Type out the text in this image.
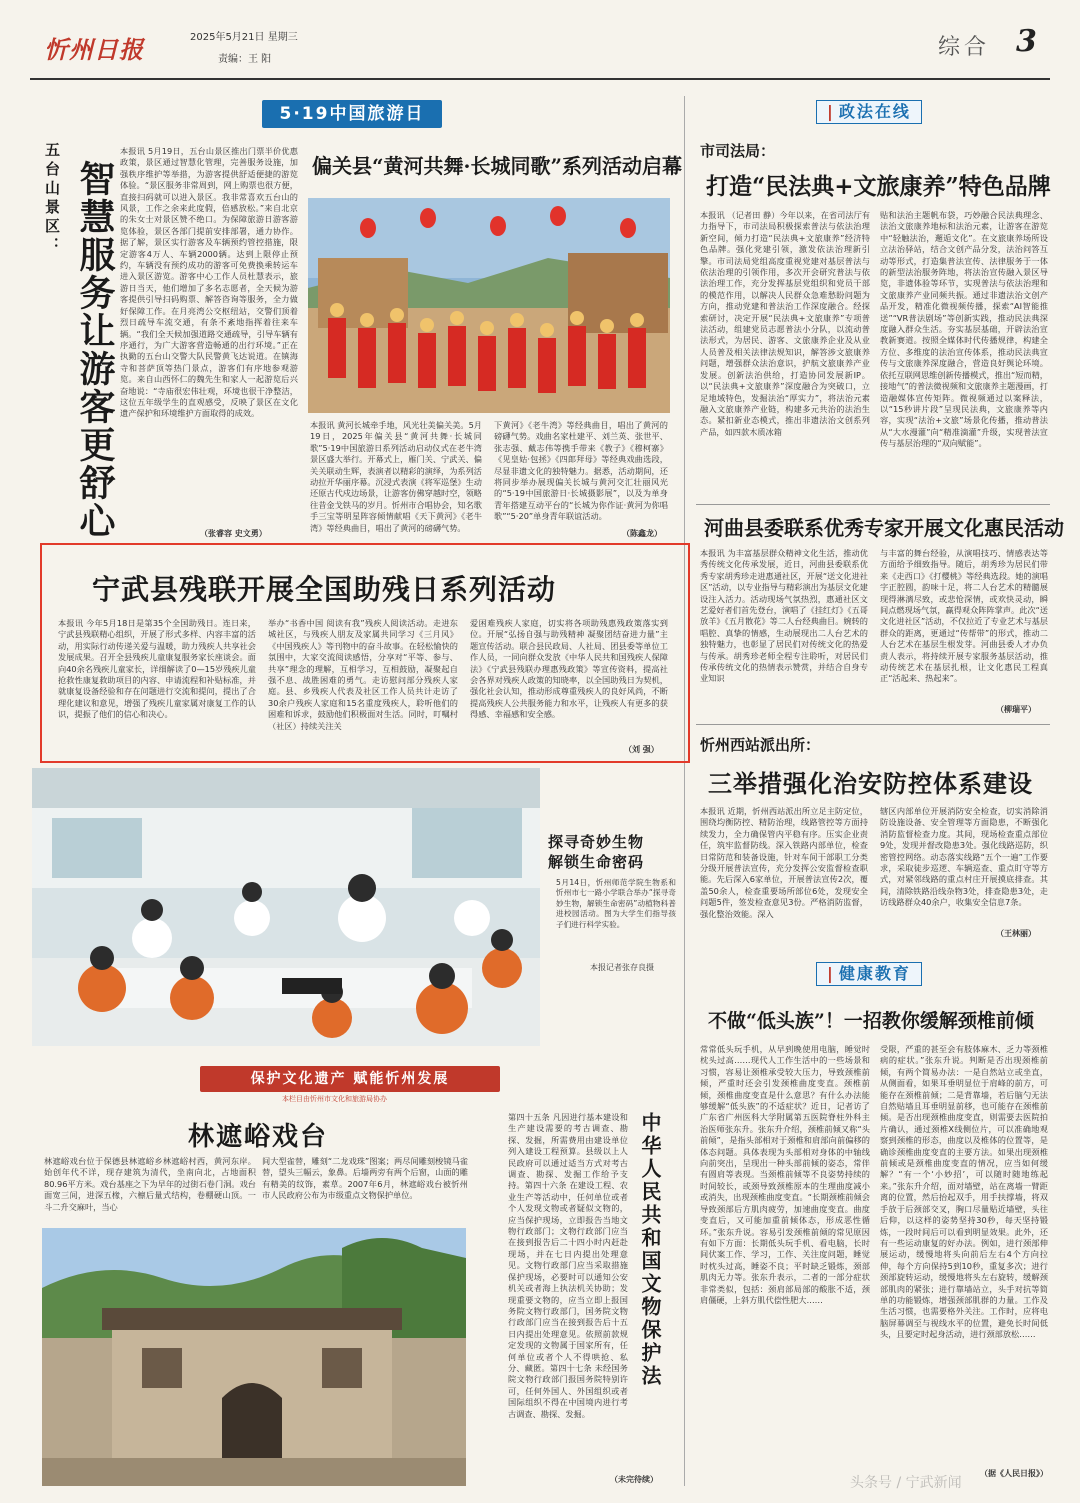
忻州日报	2025年5月21日 星期三
责编：王 阳	综合 3
5·19中国旅游日
五台山景区： 智慧服务让游客更舒心
本报讯 5月19日，五台山景区推出门票半价优惠政策，景区通过智慧化管理，完善服务设施，加强秩序维护等举措，为游客提供舒适便捷的游览体验。“景区服务非常周到，网上购票也很方便，直接扫码就可以进入景区。我非常喜欢五台山的风景，工作之余来此度假，倍感放松。”来自北京的朱女士对景区赞不绝口。为保障旅游日游客游览体验，景区各部门提前安排部署，通力协作。据了解，景区实行游客及车辆预约管控措施，限定游客4万人、车辆2000辆。达到上限停止预约，车辆没有预约成功的游客可免费换乘转运车进入景区游览。游客中心工作人员杜慧表示，旅游日当天，他们增加了多名志愿者，全天候为游客提供引导扫码购票、解答咨询等服务，全力做好保障工作。在月亮湾公交枢纽站，交警们顶着烈日疏导车流交通，有条不紊地指挥着往来车辆。“我们全天候加强道路交通疏导，引导车辆有序通行，为广大游客营造畅通的出行环境。”正在执勤的五台山交警大队民警黄飞达说道。在镇海寺和菩萨顶等热门景点，游客们有序地参观游览。来自山西怀仁的魏先生和家人一起游览后兴奋地说：“寺庙很宏伟壮观，环境也很干净整洁，这位五年级学生的直观感受，反映了景区在文化遗产保护和环境维护方面取得的成效。
（张睿容 史文勇）
偏关县“黄河共舞·长城同歌”系列活动启幕
本报讯 黄河长城牵手地，风光壮美偏关美。5月19日，2025年偏关县“黄河共舞·长城同歌”5·19中国旅游日系列活动启动仪式在老牛湾景区盛大举行。开幕式上，雁门关、宁武关、偏关关联动生辉，表演者以精彩的演绎，为系列活动拉开华丽序幕。沉浸式表演《将军巡堡》生动还原古代戍边场景，让游客仿佛穿越时空，领略往昔金戈铁马的岁月。忻州市合唱协会，知名歌手三宝等明星阵容倾情献唱《天下黄河》《老牛湾》等经典曲目，唱出了黄河的磅礴气势。
下黄河》《老牛湾》等经典曲目，唱出了黄河的磅礴气势。戏曲名家杜建平、刘兰英、张世平、张志强、戴志伟等携手带来《教子》《穆柯寨》《见皇姑·包拯》《四郎拜母》等经典戏曲选段，尽显非遗文化的独特魅力。据悉，活动期间，还将同步举办展现偏关长城与黄河交汇壮丽风光的“5·19中国旅游日·长城摄影展”，以及为单身青年搭建互动平台的“长城为你作证·黄河为你唱歌”“5·20”单身青年联谊活动。
（陈鑫龙）
| 政法在线
市司法局：
打造“民法典+文旅康养”特色品牌
本报讯 （记者田 静）今年以来，在省司法厅有力指导下，市司法局积极探索普法与依法治理新空间，倾力打造“民法典+文旅康养”经济特色品牌。强化党建引领，激发依法治理新引擎。市司法局党组高度重视党建对基层普法与依法治理的引领作用，多次开会研究普法与依法治理工作，充分发挥基层党组织和党员干部的模范作用，以解决人民群众急难愁盼问题为方向，推动党建和普法治工作深度融合。经探索研讨，决定开展“民法典+文旅康养”专项普法活动，组建党员志愿普法小分队，以流动普法形式，为居民、游客、文旅康养企业及从业人员普及相关法律法规知识，解答涉文旅康养问题，增强群众法治意识，护航文旅康养产业发展。创新法治供给，打造协同发展新IP。以“民法典+文旅康养”深度融合为突破口，立足地域特色，发掘法治“厚实力”，将法治元素融入文旅康养产业链，构建多元共治的法治生态。紧扣新业态模式，推出非遗法治文创系列产品，如四款木质冰箱
贴和法治主题帆布袋，巧妙融合民法典理念、法治文旅康养地标和法治元素，让游客在游览中“轻触法治，邂逅文化”。在文旅康养场所设立法治驿站，结合文创产品分发，法治问答互动等形式，打造集普法宣传、法律服务于一体的新型法治服务阵地，将法治宣传融入景区导览，非遗体验等环节，实现普法与依法治理和文旅康养产业同频共振。通过非遗法治文创产品开发，精准化微视频传播，探索“AI智能推送”“VR普法剧场”等创新实践，推动民法典深度融入群众生活。夯实基层基础，开辟法治宣教新赛道。按照全媒体时代传播规律，构建全方位、多维度的法治宣传体系，推动民法典宣传与文旅康养深度融合，营造良好舆论环境。依托互联网思维创新传播模式，推出“短而精，接地气”的普法微视频和文旅康养主题漫画，打造融媒体宣传矩阵。微视频通过以案释法，以“15秒讲片段”呈现民法典，文旅康养等内容，实现“法治+文旅”场景化传播，推动普法从“大水漫灌”向“精准滴灌”升级，实现普法宣传与基层治理的“双向赋能”。
河曲县委联系优秀专家开展文化惠民活动
本报讯 为丰富基层群众精神文化生活，推动优秀传统文化传承发展，近日，河曲县委联系优秀专家胡秀珍走进惠通社区，开展“送文化进社区”活动，以专业指导与精彩演出为基层文化建设注入活力。活动现场气氛热烈，惠通社区文艺爱好者们首先登台，演唱了《挂红灯》《五哥放羊》《五月散花》等二人台经典曲目。婉转的唱腔、真挚的情感，生动展现出二人台艺术的独特魅力，也彰显了居民们对传统文化的热爱与传承。胡秀珍老师全程专注聆听，对居民们传承传统文化的热情表示赞赏，并结合自身专业知识
与丰富的舞台经验，从演唱技巧、情感表达等方面给予细致指导。随后，胡秀珍为居民们带来《走西口》《打樱桃》等经典选段。她的演唱字正腔圆，韵味十足，将二人台艺术的精髓展现得淋漓尽致，或悲怆深情，或欢快灵动，瞬间点燃现场气氛，赢得观众阵阵掌声。此次“送文化进社区”活动，不仅拉近了专业艺术与基层群众的距离，更通过“传帮带”的形式，推动二人台艺术在基层生根发芽。河曲县委人才办负责人表示，将持续开展专家服务基层活动，推动传统艺术在基层扎根，让文化惠民工程真正“活起来、热起来”。
（柳瑞平）
宁武县残联开展全国助残日系列活动
本报讯 今年5月18日是第35个全国助残日。连日来，宁武县残联精心组织，开展了形式多样、内容丰富的活动，用实际行动传递关爱与温暖，助力残疾人共享社会发展成果。召开全县残疾儿童康复服务家长座谈会。面向40余名残疾儿童家长，详细解读了0—15岁残疾儿童抢救性康复救助项目的内容、申请流程和补贴标准，并就康复设备经验和存在问题进行交流和提问，提出了合理化建议和意见，增强了残疾儿童家属对康复工作的认识，提振了他们的信心和决心。
举办“书香中国 阅读有我”残疾人阅读活动。走进东城社区，与残疾人朋友及家属共同学习《三月风》《中国残疾人》等刊物中的奋斗故事。在轻松愉快的氛围中，大家交流阅读感悟，分享对“平等、参与、共享”理念的理解，互相学习，互相鼓励，凝聚起自强不息、战胜困难的勇气。走访慰问部分残疾人家庭。县、乡残疾人代表及社区工作人员共计走访了30余户残疾人家庭和15名重度残疾人，聆听他们的困难和诉求，鼓励他们积极面对生活。同时，叮嘱村（社区）持续关注关
爱困难残疾人家庭，切实将各项助残惠残政策落实到位。开展“弘扬自强与助残精神 凝聚团结奋进力量”主题宣传活动。联合县民政局、人社局、团县委等单位工作人员，一同向群众发放《中华人民共和国残疾人保障法》《宁武县残联办理惠残政策》等宣传资料，提高社会各界对残疾人政策的知晓率，以全国助残日为契机，强化社会认知，推动形成尊重残疾人的良好风尚，不断提高残疾人公共服务能力和水平，让残疾人有更多的获得感、幸福感和安全感。
（刘 强）
探寻奇妙生物
解锁生命密码
5月14日，忻州师范学院生物系和忻州市七一路小学联合举办“探寻奇妙生物，解锁生命密码”动植物科普进校园活动。图为大学生们指导孩子们进行科学实验。
本报记者张存良摄
忻州西站派出所：
三举措强化治安防控体系建设
本报讯 近期，忻州西站派出所立足主防定位，围绕均衡防控、精防治理，线路管控等方面持续发力，全力确保管内平稳有序。压实企业责任，筑牢监督防线。深入铁路内部单位，检查日常防范和装备设施，针对车间干部职工分类分级开展普法宣传，充分发挥公安监督检查职能。先后深入6家单位，开展普法宣传2次，覆盖50余人，检查重要场所部位6处，发现安全问题5件，签发检查意见3份。严格消防监督，强化整治效能。深入
辖区内部单位开展消防安全检查，切实消除消防设施设备、安全管理等方面隐患，不断强化消防监督检查力度。其间，现场检查重点部位9处，发现并督改隐患3处。强化线路巡防，织密管控网络。动态落实线路“五个一遍”工作要求，采取徒步巡逻、车辆巡查、重点盯守等方式，对紧邻线路的重点村庄开展摸底排查。其间，清除铁路沿线杂物3处，排查隐患3处，走访线路群众40余户，收集安全信息7条。
（王林丽）
| 健康教育
不做“低头族”！一招教你缓解颈椎前倾
常常低头玩手机，从早到晚使用电脑，睡觉时枕头过高……现代人工作生活中的一些场景和习惯，容易让颈椎承受较大压力，导致颈椎前倾，严重时还会引发颈椎曲度变直。颈椎前倾，颈椎曲度变直是什么意思？有什么办法能够缓解“低头族”的不适症状？近日，记者访了广东省广州医科大学附属第五医院脊柱外科主治医师张东升。张东升介绍，颈椎前倾又称“头前倾”，是指头部相对于颈椎和肩部向前偏移的体态问题。具体表现为头部相对身体的中轴线向前突出，呈现出一种头部前倾的姿态，常伴有圆肩等表现。当颈椎前倾等不良姿势持续的时间较长，或颈导致颈椎原本的生理曲度减小或消失，出现颈椎曲度变直。“长期颈椎前倾会导致颈部后方肌肉疲劳，加速曲度变直。曲度变直后，又可能加重前倾体态，形成恶性循环。”张东升说。容易引发颈椎前倾的常见原因有如下方面：长期低头玩手机、看电脑，长时间伏案工作、学习，工作、关注度问题，睡觉时枕头过高，睡姿不良；平时缺乏锻炼，颈部肌肉无力等。张东升表示，二者的一部分症状非常类似，包括：颈肩部局部的酸胀不适，颈肩僵硬，上斜方肌代偿性肥大……
受限，严重的甚至会有肢体麻木、乏力等颈椎病的症状。”张东升说。判断是否出现颈椎前倾，有两个简易办法：一是自然站立或坐直，从侧面看，如果耳垂明显位于肩峰的前方，可能存在颈椎前倾；二是背靠墙，若后脑勺无法自然贴墙且耳垂明显前移，也可能存在颈椎前倾。是否出现颈椎曲度变直，则需要去医院拍片确认，通过颈椎X线侧位片，可以准确地观察到颈椎的形态，曲度以及椎体的位置等，是确诊颈椎曲度变直的主要方法。如果出现颈椎前倾或是颈椎曲度变直的情况，应当如何缓解？“有一个‘小妙招’，可以随时随地练起来。”张东升介绍，面对墙壁，站在离墙一臂距离的位置，然后抬起双手，用手扶撑墙，将双手放于后颈部交叉，胸口尽量贴近墙壁，头往后仰，以这样的姿势坚持30秒，每天坚持锻炼，一段时间后可以看到明显效果。此外，还有一些运动康复的好办法。例如，进行颈部伸展运动，缓慢地将头向前后左右4个方向拉伸，每个方向保持5到10秒，重复多次；进行颈部旋转运动，缓慢地将头左右旋转，缓解颈部肌肉的紧张；进行靠墙站立，头手对抗等简单的功能锻炼，增强颈部肌群的力量。工作及生活习惯，也需要格外关注。工作时，应将电脑屏幕调至与视线水平的位置，避免长时间低头，且要定时起身活动，进行颈部放松……
（据《人民日报》）
保护文化遗产 赋能忻州发展
本栏目由忻州市文化和旅游局协办
林遮峪戏台
林遮峪戏台位于保德县林遮峪乡林遮峪村西，黄河东岸。始创年代不详，现存建筑为清代，坐南向北，占地面积80.96平方米。戏台基座之下为早年的过街石卷门洞。戏台面宽三间，进深五椽，六檩后量式结构，卷棚硬山顶。一斗二升交麻叶，当心
间大型雀替，雕刻“二龙戏珠”图案；两尽间雕刻梭镜马雀替，望头三幅云，象鼻。后墙两旁有两个后窗，山面的雕有精美的纹饰，素草。2007年6月，林遮峪戏台被忻州市人民政府公布为市级重点文物保护单位。
第四十五条 凡因进行基本建设和生产建设需要的考古调查、勘探、发掘，所需费用由建设单位列入建设工程预算。县级以上人民政府可以通过适当方式对考古调查、勘探、发掘工作给予支持。第四十六条 在建设工程、农业生产等活动中，任何单位或者个人发现文物或者疑似文物的，应当保护现场，立即报告当地文物行政部门；文物行政部门应当在接到报告后二十四小时内赶赴现场，并在七日内提出处理意见。文物行政部门应当采取措施保护现场，必要时可以通知公安机关或者海上执法机关协助；发现重要文物的，应当立即上报国务院文物行政部门，国务院文物行政部门应当在接到报告后十五日内提出处理意见。依照前款规定发现的文物属于国家所有，任何单位或者个人不得哄抢、私分、藏匿。第四十七条 未经国务院文物行政部门报国务院特别许可，任何外国人、外国组织或者国际组织不得在中国境内进行考古调查、勘探、发掘。
（未完待续）
中华人民共和国文物保护法
头条号 / 宁武新闻
